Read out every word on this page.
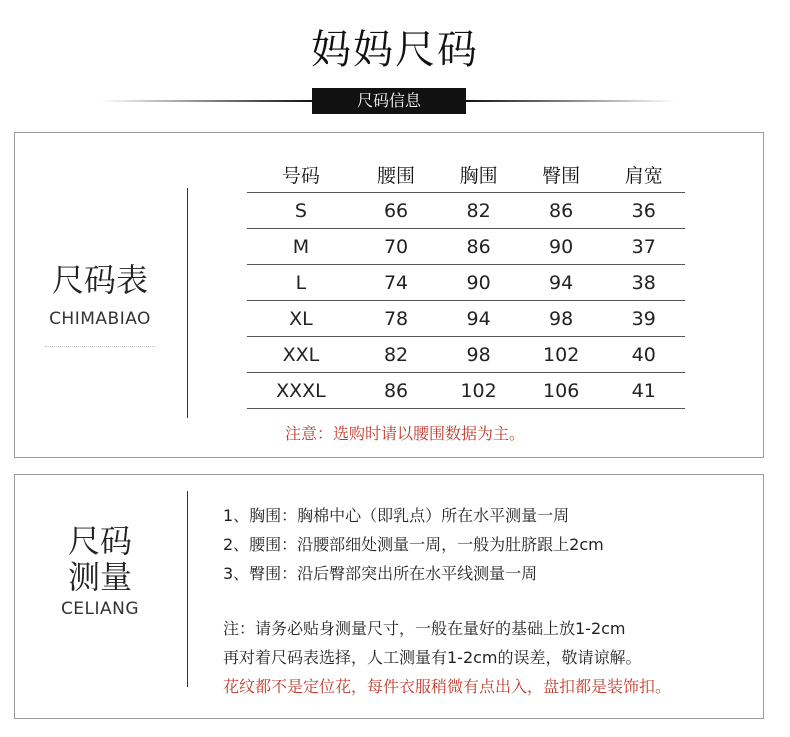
妈妈尺码
尺码信息
尺码表
CHIMABIAO
号码	腰围	胸围	臀围	肩宽
S	66	82	86	36
M	70	86	90	37
L	74	90	94	38
XL	78	94	98	39
XXL	82	98	102	40
XXXL	86	102	106	41
注意：选购时请以腰围数据为主。
尺码
测量
CELIANG
1、胸围：胸棉中心（即乳点）所在水平测量一周
2、腰围：沿腰部细处测量一周，一般为肚脐跟上2cm
3、臀围：沿后臀部突出所在水平线测量一周
注：请务必贴身测量尺寸，一般在量好的基础上放1-2cm
再对着尺码表选择，人工测量有1-2cm的误差，敬请谅解。
花纹都不是定位花，每件衣服稍微有点出入，盘扣都是装饰扣。
